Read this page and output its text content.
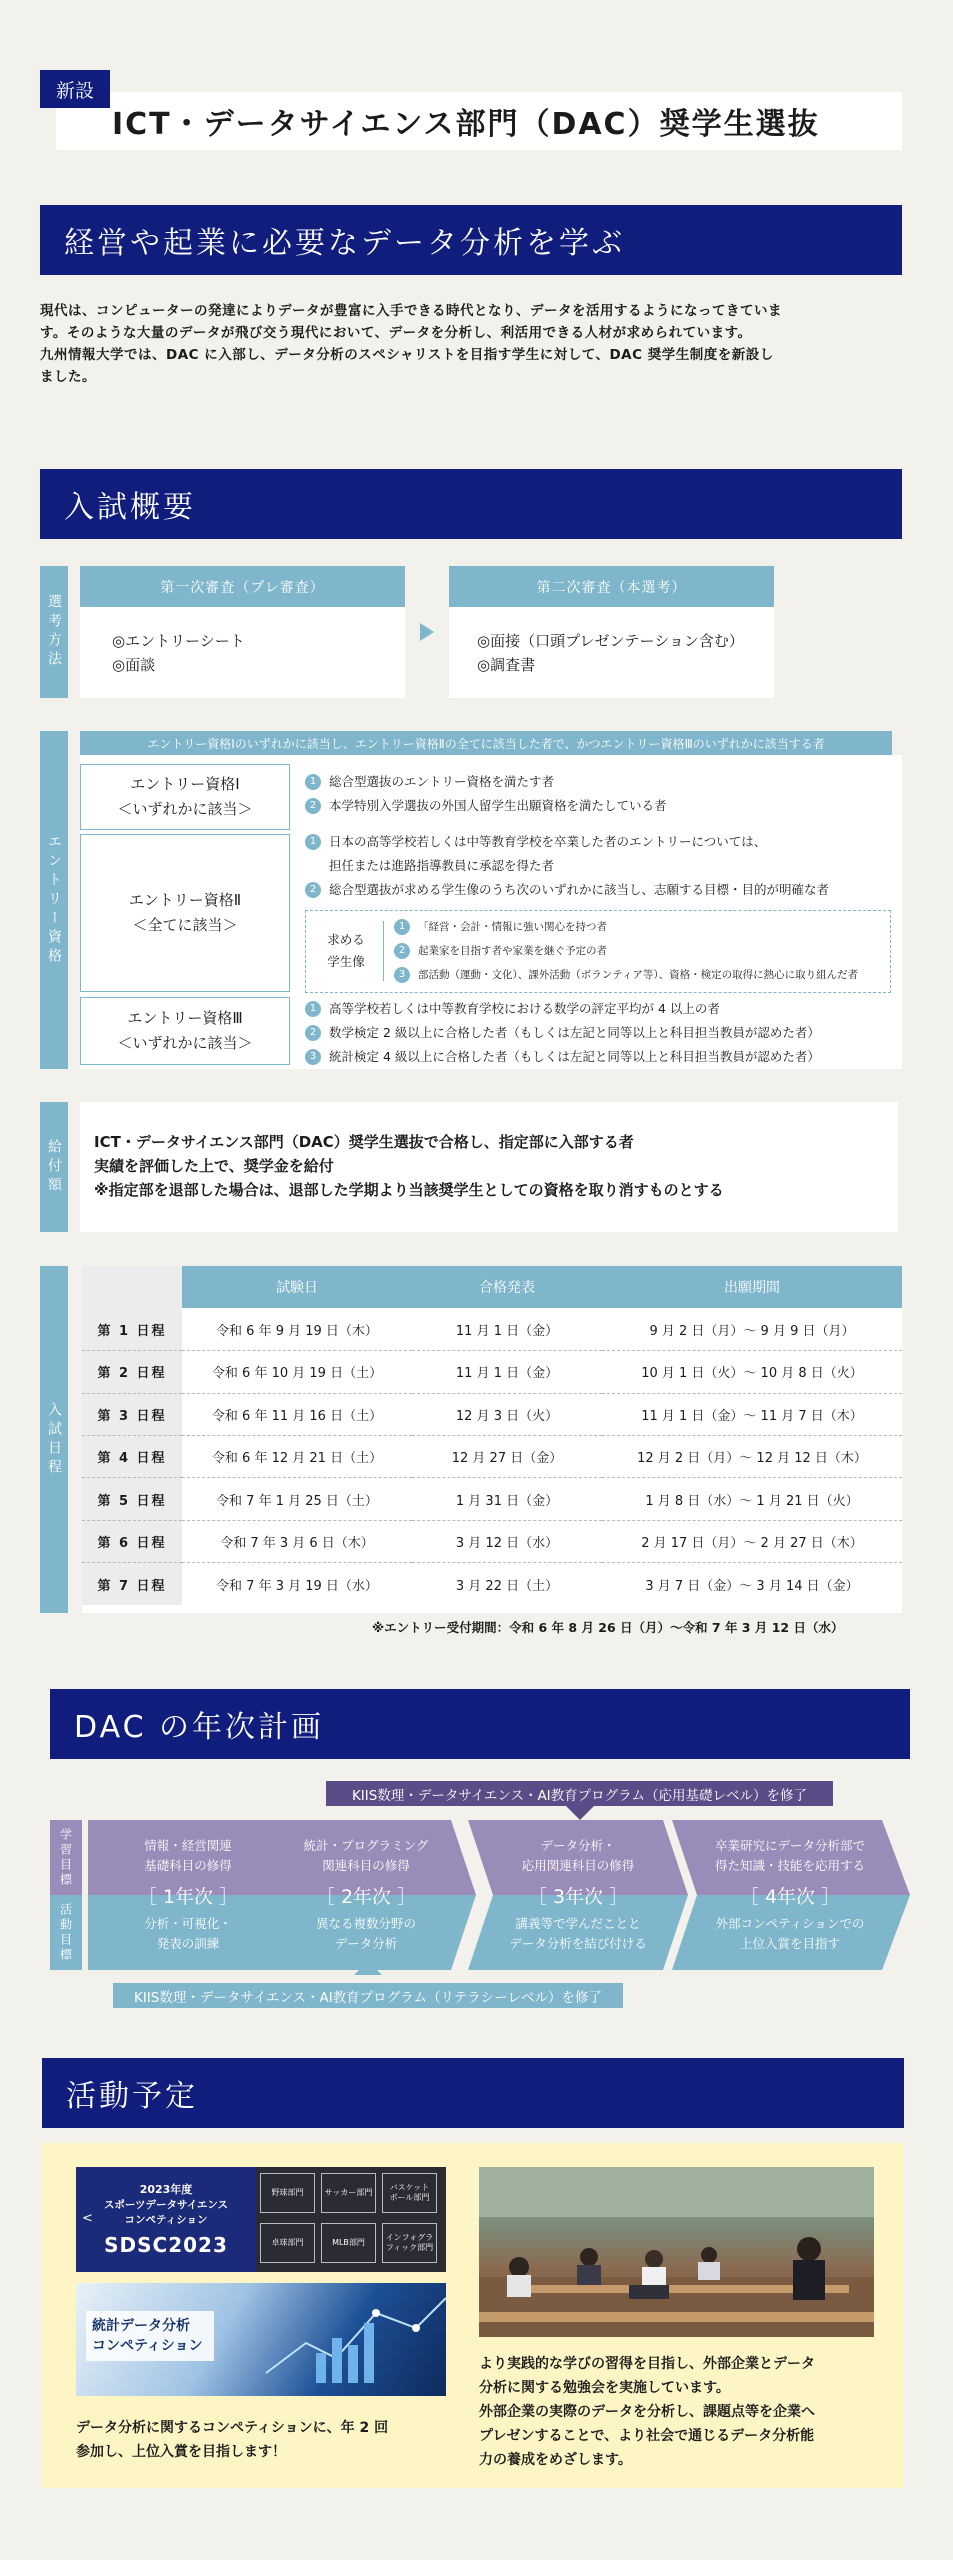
新設
ICT・データサイエンス部門（DAC）奨学生選抜
経営や起業に必要なデータ分析を学ぶ
現代は、コンピューターの発達によりデータが豊富に入手できる時代となり、データを活用するようになってきていま
す。そのような大量のデータが飛び交う現代において、データを分析し、利活用できる人材が求められています。
九州情報大学では、DAC に入部し、データ分析のスペシャリストを目指す学生に対して、DAC 奨学生制度を新設し
ました。
入試概要
選考方法
第一次審査（プレ審査）
◎エントリーシート
◎面談
第二次審査（本選考）
◎面接（口頭プレゼンテーション含む）
◎調査書
エントリー資格
エントリー資格Ⅰのいずれかに該当し、エントリー資格Ⅱの全てに該当した者で、かつエントリー資格Ⅲのいずれかに該当する者
エントリー資格Ⅰ
＜いずれかに該当＞
1	総合型選抜のエントリー資格を満たす者
2	本学特別入学選抜の外国人留学生出願資格を満たしている者
エントリー資格Ⅱ
＜全てに該当＞
1	日本の高等学校若しくは中等教育学校を卒業した者のエントリーについては、
担任または進路指導教員に承認を得た者
2	総合型選抜が求める学生像のうち次のいずれかに該当し、志願する目標・目的が明確な者
求める
学生像
1	「経営・会計・情報に強い関心を持つ者
2	起業家を目指す者や家業を継ぐ予定の者
3	部活動（運動・文化）、課外活動（ボランティア等）、資格・検定の取得に熱心に取り組んだ者
エントリー資格Ⅲ
＜いずれかに該当＞
1	高等学校若しくは中等教育学校における数学の評定平均が 4 以上の者
2	数学検定 2 級以上に合格した者（もしくは左記と同等以上と科目担当教員が認めた者）
3	統計検定 4 級以上に合格した者（もしくは左記と同等以上と科目担当教員が認めた者）
給付額	ICT・データサイエンス部門（DAC）奨学生選抜で合格し、指定部に入部する者
実績を評価した上で、奨学金を給付
※指定部を退部した場合は、退部した学期より当該奨学生としての資格を取り消すものとする
入試日程
	試験日	合格発表	出願期間
第 1 日程	令和 6 年 9 月 19 日（木）	11 月 1 日（金）	9 月 2 日（月）～ 9 月 9 日（月）
第 2 日程	令和 6 年 10 月 19 日（土）	11 月 1 日（金）	10 月 1 日（火）～ 10 月 8 日（火）
第 3 日程	令和 6 年 11 月 16 日（土）	12 月 3 日（火）	11 月 1 日（金）～ 11 月 7 日（木）
第 4 日程	令和 6 年 12 月 21 日（土）	12 月 27 日（金）	12 月 2 日（月）～ 12 月 12 日（木）
第 5 日程	令和 7 年 1 月 25 日（土）	1 月 31 日（金）	1 月 8 日（水）～ 1 月 21 日（火）
第 6 日程	令和 7 年 3 月 6 日（木）	3 月 12 日（水）	2 月 17 日（月）～ 2 月 27 日（木）
第 7 日程	令和 7 年 3 月 19 日（水）	3 月 22 日（土）	3 月 7 日（金）～ 3 月 14 日（金）
※エントリー受付期間：令和 6 年 8 月 26 日（月）～令和 7 年 3 月 12 日（水）
DAC の年次計画
KIIS数理・データサイエンス・AI教育プログラム（応用基礎レベル）を修了
学習目標
活動目標
情報・経営関連
基礎科目の修得
［ 1年次 ］
分析・可視化・
発表の訓練
統計・プログラミング
関連科目の修得
［ 2年次 ］
異なる複数分野の
データ分析
データ分析・
応用関連科目の修得
［ 3年次 ］
講義等で学んだことと
データ分析を結び付ける
卒業研究にデータ分析部で
得た知識・技能を応用する
［ 4年次 ］
外部コンペティションでの
上位入賞を目指す
KIIS数理・データサイエンス・AI教育プログラム（リテラシーレベル）を修了
活動予定
2023年度
スポーツデータサイエンス
コンペティション
SDSC2023
<
野球部門	サッカー部門
バスケット
ボール部門
卓球部門	MLB部門
インフォグラ
フィック部門
統計データ分析
コンペティション
データ分析に関するコンペティションに、年 2 回
参加し、上位入賞を目指します！
より実践的な学びの習得を目指し、外部企業とデータ
分析に関する勉強会を実施しています。
外部企業の実際のデータを分析し、課題点等を企業へ
プレゼンすることで、より社会で通じるデータ分析能
力の養成をめざします。
